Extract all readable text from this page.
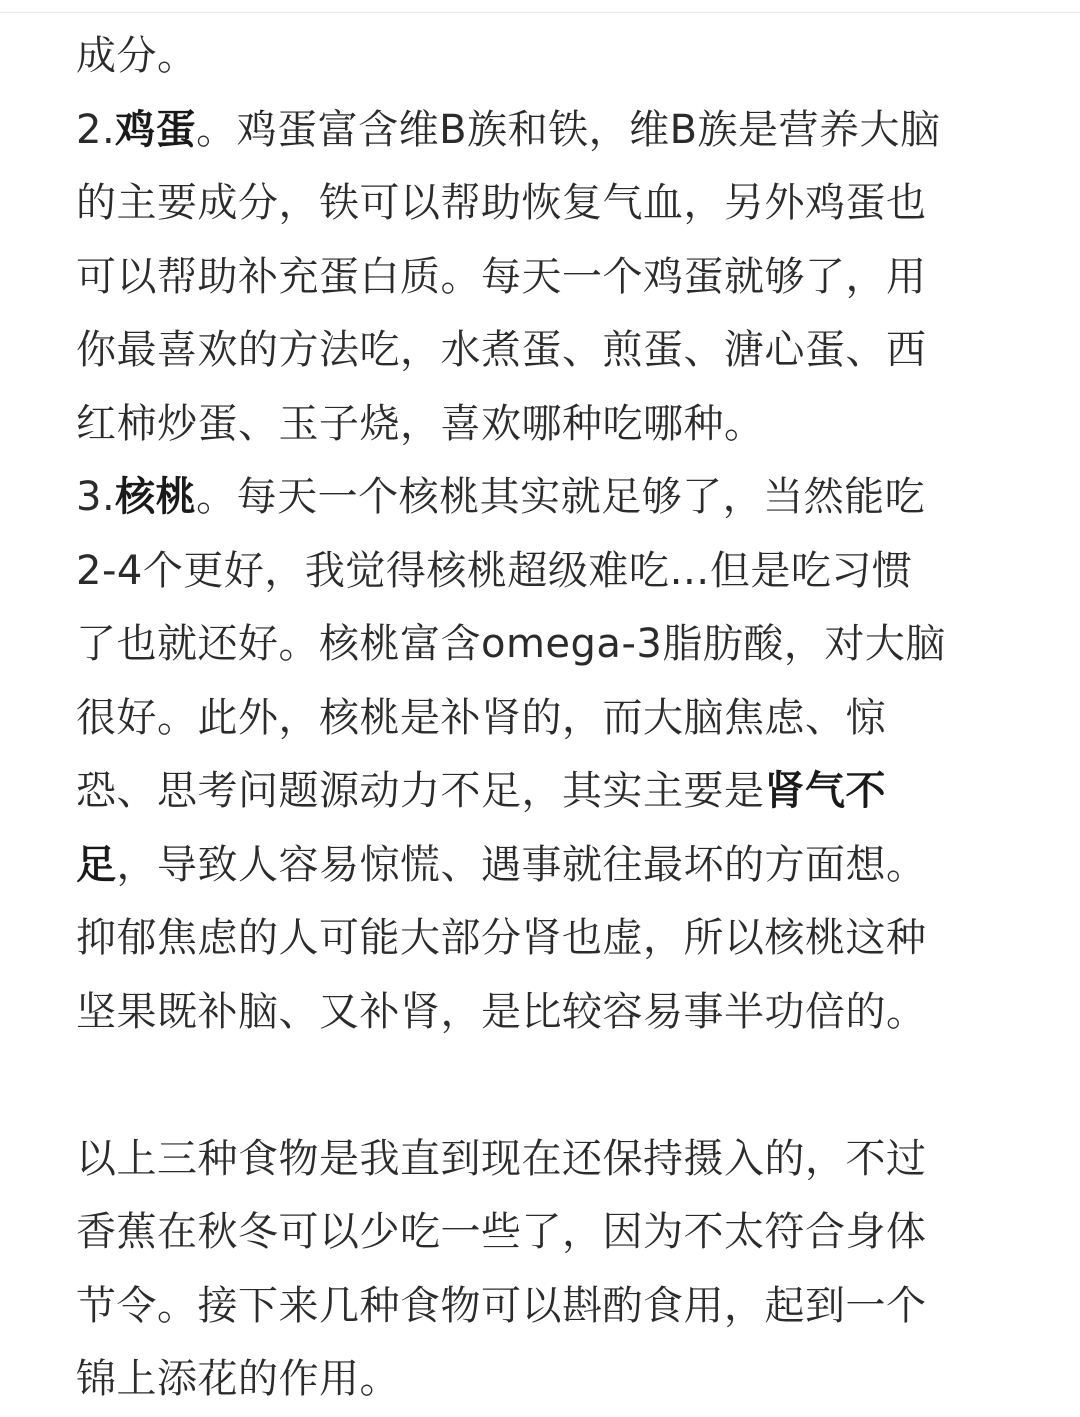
成分。
2.鸡蛋。鸡蛋富含维B族和铁，维B族是营养大脑
的主要成分，铁可以帮助恢复气血，另外鸡蛋也
可以帮助补充蛋白质。每天一个鸡蛋就够了，用
你最喜欢的方法吃，水煮蛋、煎蛋、溏心蛋、西
红柿炒蛋、玉子烧，喜欢哪种吃哪种。
3.核桃。每天一个核桃其实就足够了，当然能吃
2-4个更好，我觉得核桃超级难吃…但是吃习惯
了也就还好。核桃富含omega-3脂肪酸，对大脑
很好。此外，核桃是补肾的，而大脑焦虑、惊
恐、思考问题源动力不足，其实主要是肾气不
足，导致人容易惊慌、遇事就往最坏的方面想。
抑郁焦虑的人可能大部分肾也虚，所以核桃这种
坚果既补脑、又补肾，是比较容易事半功倍的。
以上三种食物是我直到现在还保持摄入的，不过
香蕉在秋冬可以少吃一些了，因为不太符合身体
节令。接下来几种食物可以斟酌食用，起到一个
锦上添花的作用。
